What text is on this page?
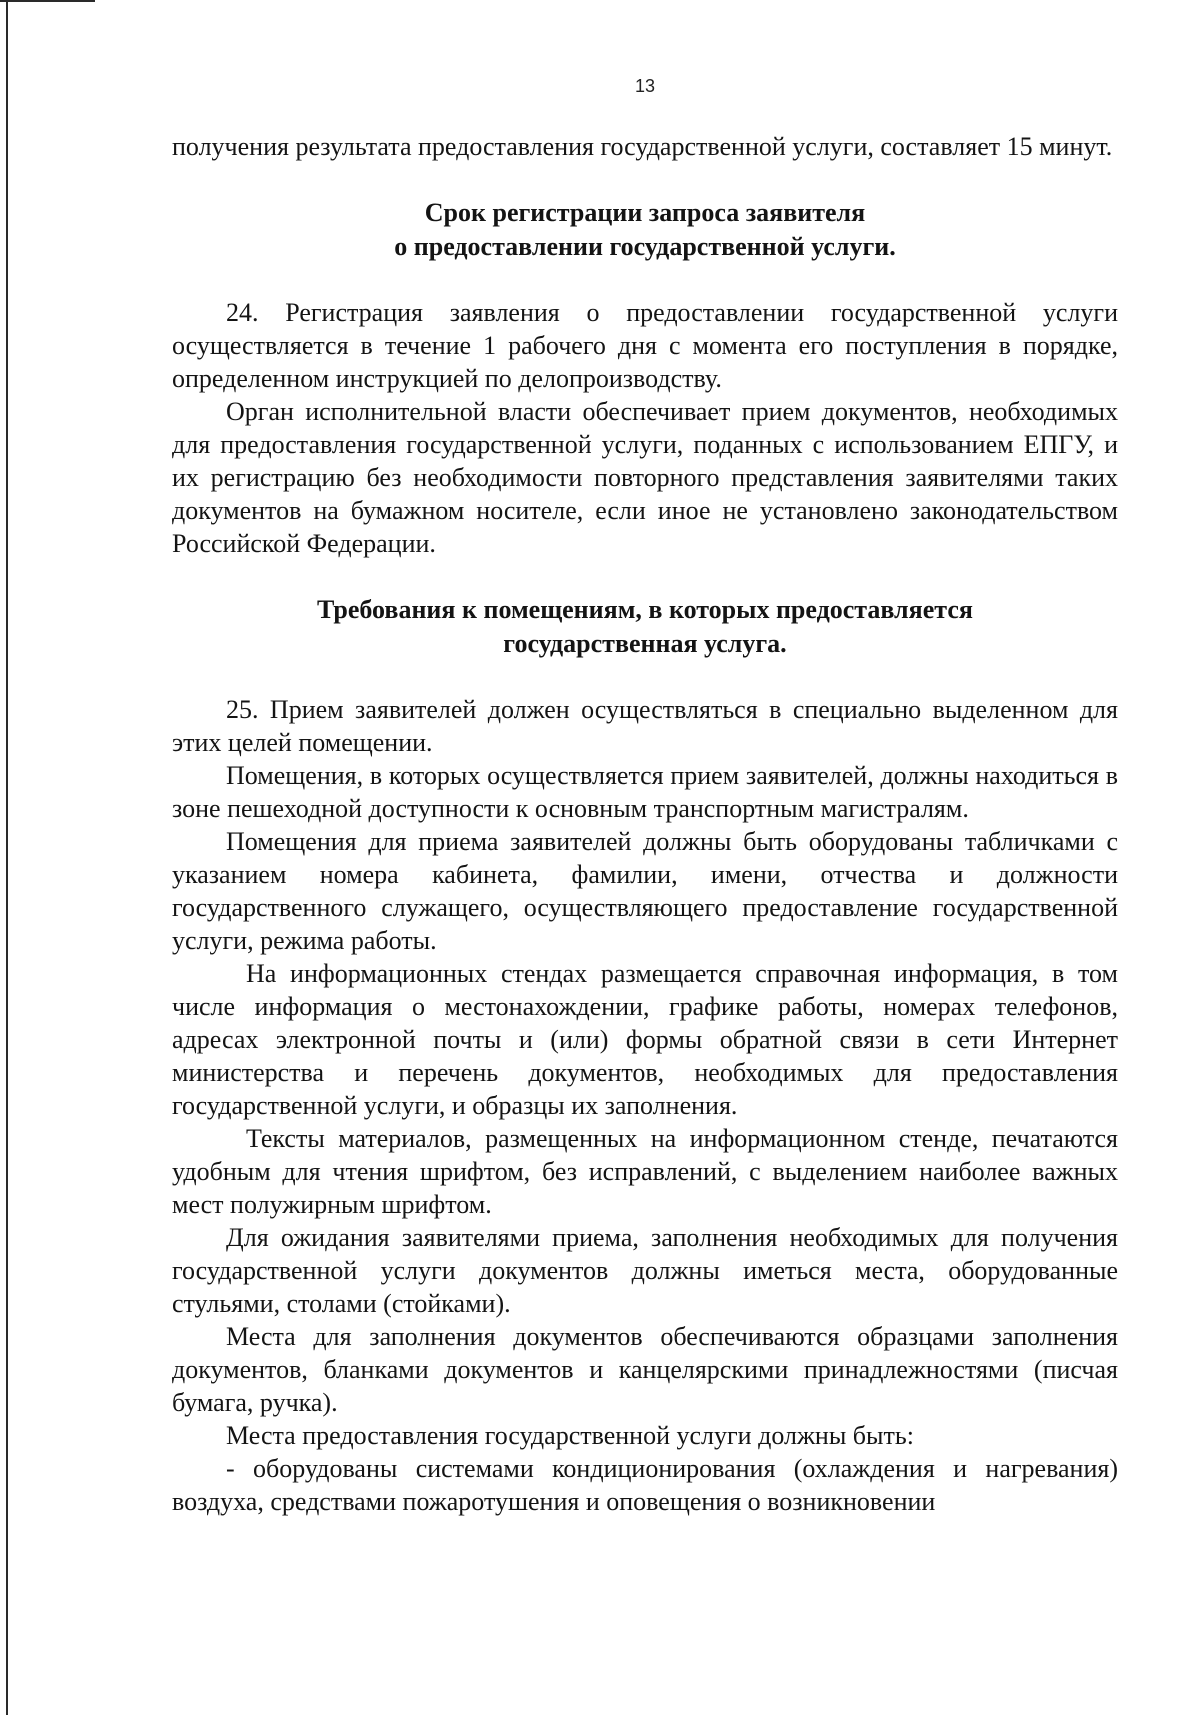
13

получения результата предоставления государственной услуги, составляет 15 минут.

Срок регистрации запроса заявителя
о предоставлении государственной услуги.

24. Регистрация заявления о предоставлении государственной услуги осуществляется в течение 1 рабочего дня с момента его поступления в порядке, определенном инструкцией по делопроизводству.

Орган исполнительной власти обеспечивает прием документов, необходимых для предоставления государственной услуги, поданных с использованием ЕПГУ, и их регистрацию без необходимости повторного представления заявителями таких документов на бумажном носителе, если иное не установлено законодательством Российской Федерации.

Требования к помещениям, в которых предоставляется
государственная услуга.

25. Прием заявителей должен осуществляться в специально выделенном для этих целей помещении.

Помещения, в которых осуществляется прием заявителей, должны находиться в зоне пешеходной доступности к основным транспортным магистралям.

Помещения для приема заявителей должны быть оборудованы табличками с указанием номера кабинета, фамилии, имени, отчества и должности государственного служащего, осуществляющего предоставление государственной услуги, режима работы.

На информационных стендах размещается справочная информация, в том числе информация о местонахождении, графике работы, номерах телефонов, адресах электронной почты и (или) формы обратной связи в сети Интернет министерства и перечень документов, необходимых для предоставления государственной услуги, и образцы их заполнения.

Тексты материалов, размещенных на информационном стенде, печатаются удобным для чтения шрифтом, без исправлений, с выделением наиболее важных мест полужирным шрифтом.

Для ожидания заявителями приема, заполнения необходимых для получения государственной услуги документов должны иметься места, оборудованные стульями, столами (стойками).

Места для заполнения документов обеспечиваются образцами заполнения документов, бланками документов и канцелярскими принадлежностями (писчая бумага, ручка).

Места предоставления государственной услуги должны быть:

- оборудованы системами кондиционирования (охлаждения и нагревания) воздуха, средствами пожаротушения и оповещения о возникновении
